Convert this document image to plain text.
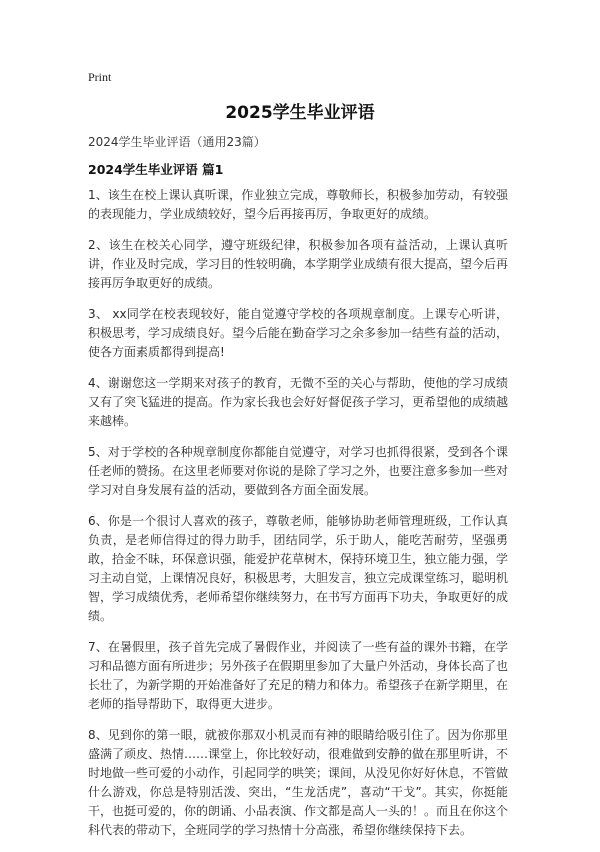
Print
2025学生毕业评语

2024学生毕业评语（通用23篇）

2024学生毕业评语 篇1

1、该生在校上课认真听课，作业独立完成，尊敬师长，积极参加劳动，有较强的表现能力，学业成绩较好，望今后再接再厉，争取更好的成绩。

2、该生在校关心同学，遵守班级纪律，积极参加各项有益活动，上课认真听讲，作业及时完成，学习目的性较明确，本学期学业成绩有很大提高，望今后再接再厉争取更好的成绩。

3、 xx同学在校表现较好，能自觉遵守学校的各项规章制度。上课专心听讲，积极思考，学习成绩良好。望今后能在勤奋学习之余多参加一结些有益的活动，使各方面素质都得到提高!

4、谢谢您这一学期来对孩子的教育，无微不至的关心与帮助，使他的学习成绩又有了突飞猛进的提高。作为家长我也会好好督促孩子学习，更希望他的成绩越来越棒。

5、对于学校的各种规章制度你都能自觉遵守，对学习也抓得很紧，受到各个课任老师的赞扬。在这里老师要对你说的是除了学习之外，也要注意多参加一些对学习对自身发展有益的活动，要做到各方面全面发展。

6、你是一个很讨人喜欢的孩子，尊敬老师，能够协助老师管理班级，工作认真负责，是老师信得过的得力助手，团结同学，乐于助人，能吃苦耐劳，坚强勇敢，拾金不昧，环保意识强，能爱护花草树木，保持环境卫生，独立能力强，学习主动自觉，上课情况良好，积极思考，大胆发言，独立完成课堂练习，聪明机智，学习成绩优秀，老师希望你继续努力，在书写方面再下功夫，争取更好的成绩。

7、在暑假里，孩子首先完成了暑假作业，并阅读了一些有益的课外书籍，在学习和品德方面有所进步；另外孩子在假期里参加了大量户外活动，身体长高了也长壮了，为新学期的开始准备好了充足的精力和体力。希望孩子在新学期里，在老师的指导帮助下，取得更大进步。

8、见到你的第一眼，就被你那双小机灵而有神的眼睛给吸引住了。因为你那里盛满了顽皮、热情……课堂上，你比较好动，很难做到安静的做在那里听讲，不时地做一些可爱的小动作，引起同学的哄笑；课间，从没见你好好休息，不管做什么游戏，你总是特别活泼、突出，“生龙活虎”，喜动“干戈”。其实，你挺能干，也挺可爱的，你的朗诵、小品表演、作文都是高人一头的！。而且在你这个科代表的带动下，全班同学的学习热情十分高涨，希望你继续保持下去。
